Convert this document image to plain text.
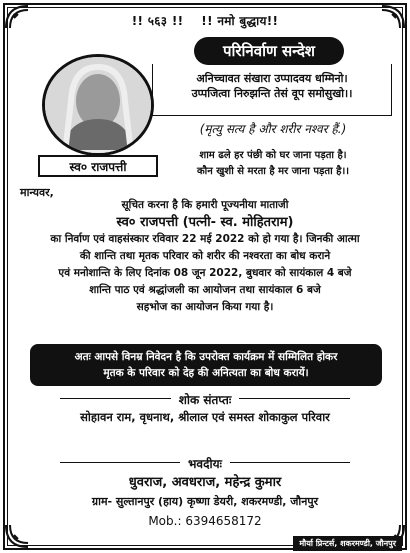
!! ५६३ !! !! नमो बुद्धाय!!
परिनिर्वाण सन्देश
अनिच्चावत संखारा उप्पादवय धम्मिनो।
उप्पजित्वा निरुझन्ति तेसं वूप समोसुखो।।
(मृत्यु सत्य है और शरीर नश्वर हैं.)
शाम ढले हर पंछी को घर जाना पड़ता है।
कौन खुशी से मरता है मर जाना पड़ता है।।
स्व० राजपत्ती
मान्यवर,
सूचित करना है कि हमारी पूज्यनीया माताजी
स्व० राजपत्ती (पत्नी- स्व. मोहितराम)
का निर्वाण एवं वाहसंस्कार रविवार 22 मई 2022 को हो गया है। जिनकी आत्मा
की शान्ति तथा मृतक परिवार को शरीर की नश्वरता का बोध कराने
एवं मनोशान्ति के लिए दिनांक 08 जून 2022, बुधवार को सायंकाल 4 बजे
शान्ति पाठ एवं श्रद्धांजली का आयोजन तथा सायंकाल 6 बजे
सहभोज का आयोजन किया गया है।
अतः आपसे विनम्र निवेदन है कि उपरोक्त कार्यक्रम में सम्मिलित होकर
मृतक के परिवार को देह की अनित्यता का बोध करायें।
शोक संतप्तः
सोहावन राम, वृधनाथ, श्रीलाल एवं समस्त शोकाकुल परिवार
भवदीयः
धुवराज, अवधराज, महेन्द्र कुमार
ग्राम- सुल्तानपुर (हाय) कृष्णा डेयरी, शकरमण्डी, जौनपुर
Mob.: 6394658172
मौर्या प्रिन्टर्स, शकरमण्डी, जौनपुर
